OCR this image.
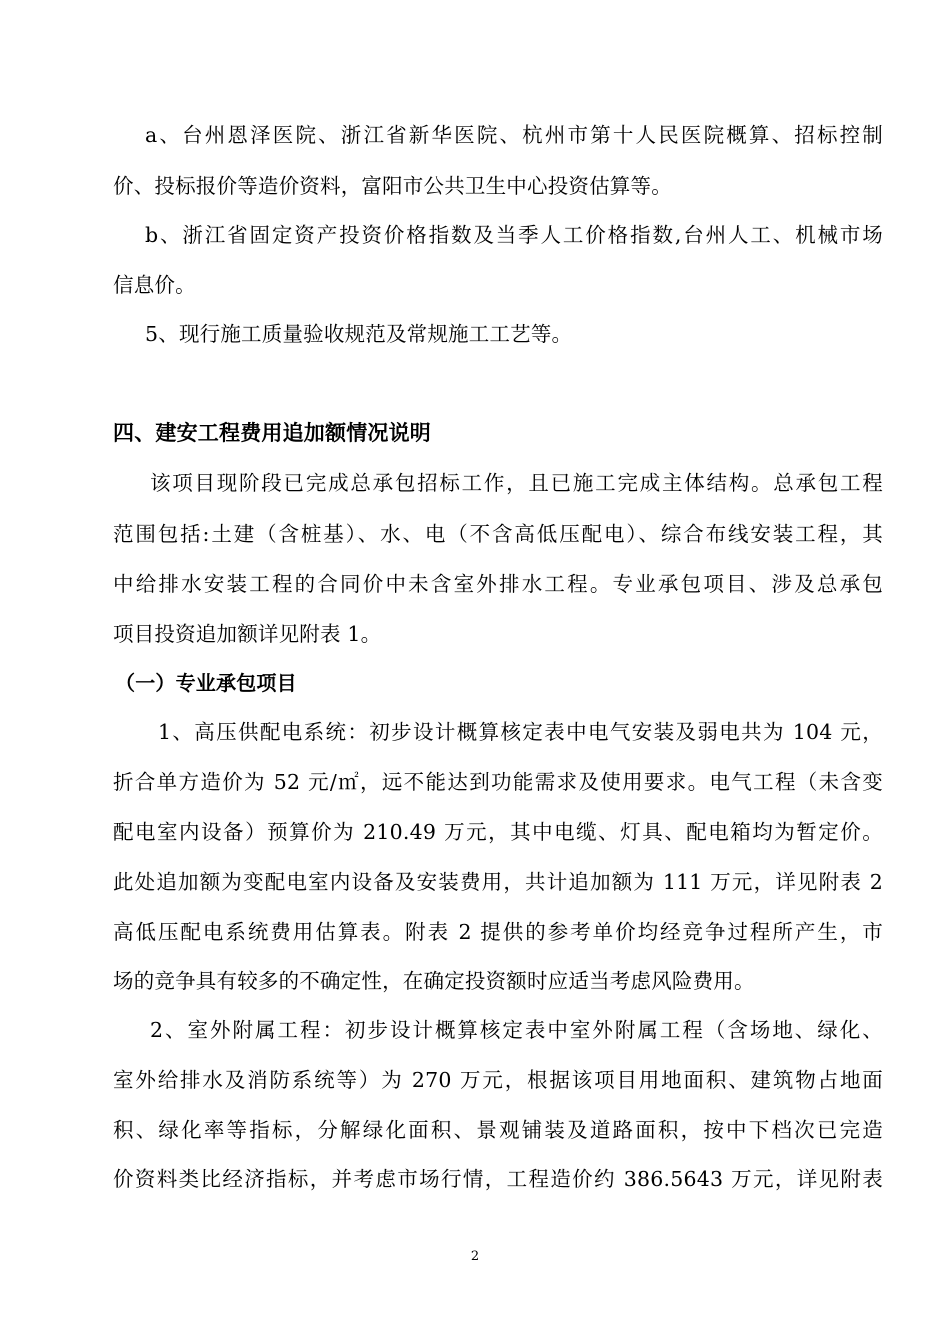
a、台州恩泽医院、浙江省新华医院、杭州市第十人民医院概算、招标控制
价、投标报价等造价资料，富阳市公共卫生中心投资估算等。
b、浙江省固定资产投资价格指数及当季人工价格指数,台州人工、机械市场
信息价。
5、现行施工质量验收规范及常规施工工艺等。
四、建安工程费用追加额情况说明
该项目现阶段已完成总承包招标工作，且已施工完成主体结构。总承包工程
范围包括:土建（含桩基）、水、电（不含高低压配电）、综合布线安装工程，其
中给排水安装工程的合同价中未含室外排水工程。专业承包项目、涉及总承包
项目投资追加额详见附表 1。
（一）专业承包项目
1、高压供配电系统：初步设计概算核定表中电气安装及弱电共为 104 元，
折合单方造价为 52 元/㎡，远不能达到功能需求及使用要求。电气工程（未含变
配电室内设备）预算价为 210.49 万元，其中电缆、灯具、配电箱均为暂定价。
此处追加额为变配电室内设备及安装费用，共计追加额为 111 万元，详见附表 2
高低压配电系统费用估算表。附表 2 提供的参考单价均经竞争过程所产生，市
场的竞争具有较多的不确定性，在确定投资额时应适当考虑风险费用。
2、室外附属工程：初步设计概算核定表中室外附属工程（含场地、绿化、
室外给排水及消防系统等）为 270 万元，根据该项目用地面积、建筑物占地面
积、绿化率等指标，分解绿化面积、景观铺装及道路面积，按中下档次已完造
价资料类比经济指标，并考虑市场行情，工程造价约 386.5643 万元，详见附表
2
